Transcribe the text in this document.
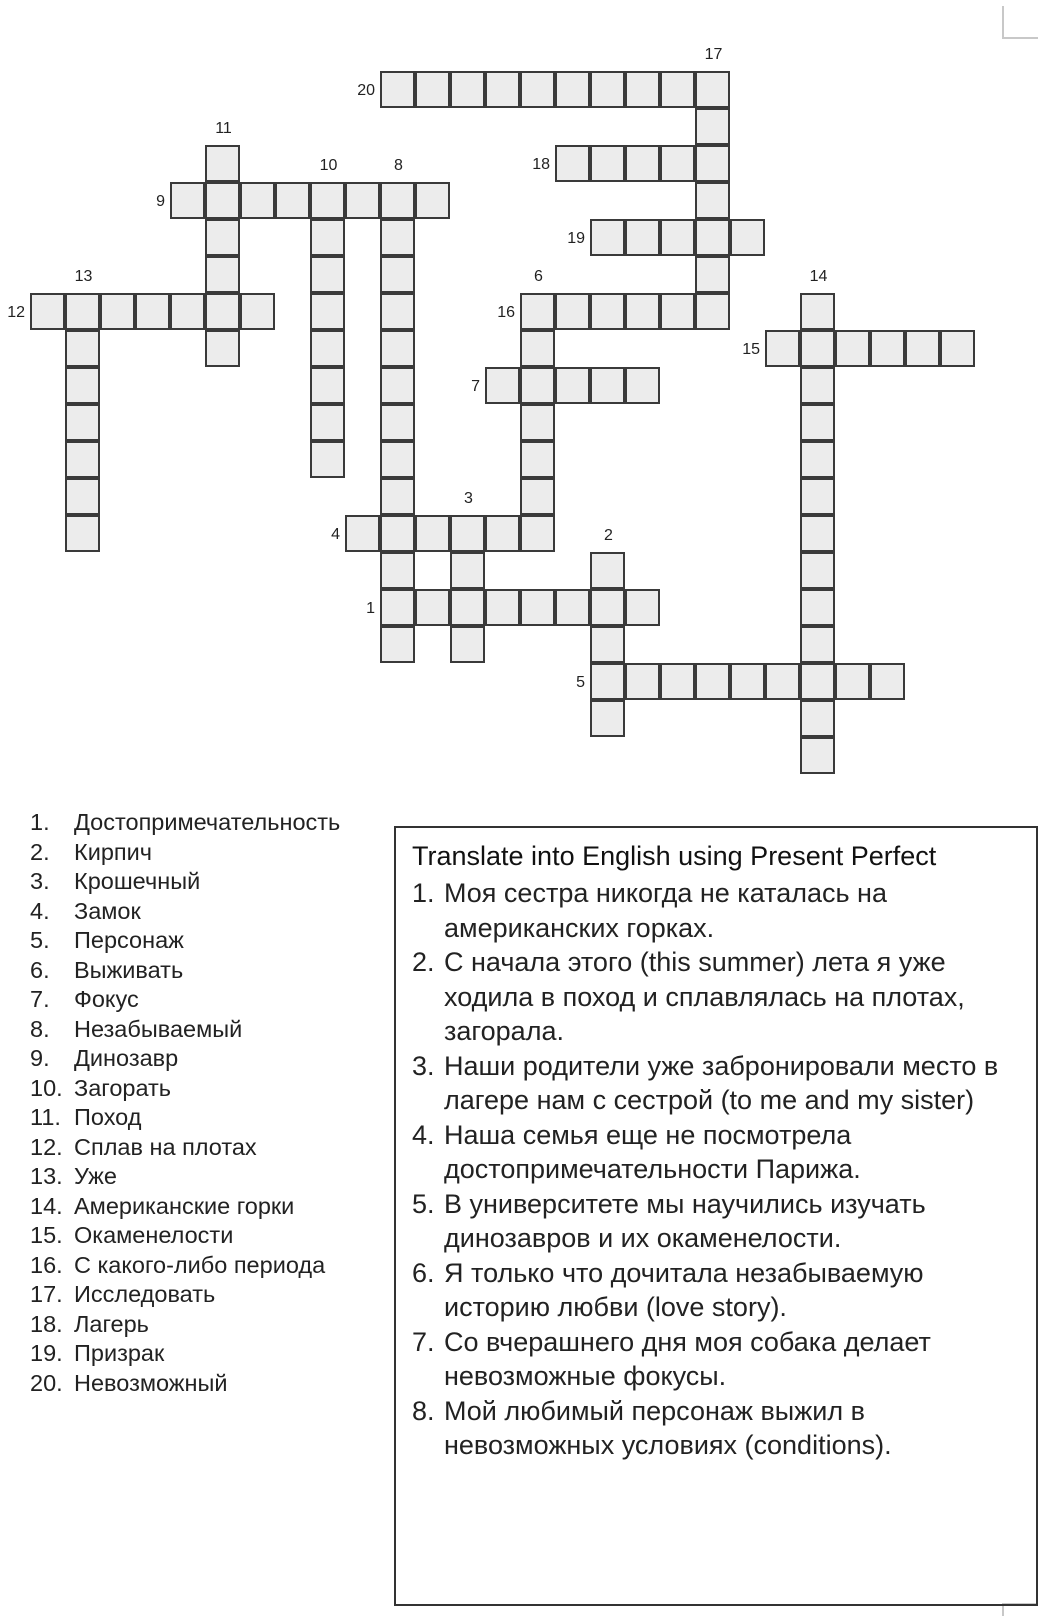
20
17
11
18
9
10	8
19
12
13
16
6	14
15
7
4
3
2
1
5
1.	Достопримечательность
2.	Кирпич
3.	Крошечный
4.	Замок
5.	Персонаж
6.	Выживать
7.	Фокус
8.	Незабываемый
9.	Динозавр
10. Загорать
11. Поход
12. Сплав на плотах
13. Уже
14. Американские горки
15. Окаменелости
16. С какого-либо периода
17. Исследовать
18. Лагерь
19. Призрак
20. Невозможный
Translate into English using Present Perfect
1. Моя сестра никогда не каталась на американских горках.
2. С начала этого (this summer) лета я уже ходила в поход и сплавлялась на плотах, загорала.
3. Наши родители уже забронировали место в лагере нам с сестрой (to me and my sister)
4. Наша семья еще не посмотрела достопримечательности Парижа.
5. В университете мы научились изучать динозавров и их окаменелости.
6. Я только что дочитала незабываемую историю любви (love story).
7. Со вчерашнего дня моя собака делает невозможные фокусы.
8. Мой любимый персонаж выжил в невозможных условиях (conditions).
